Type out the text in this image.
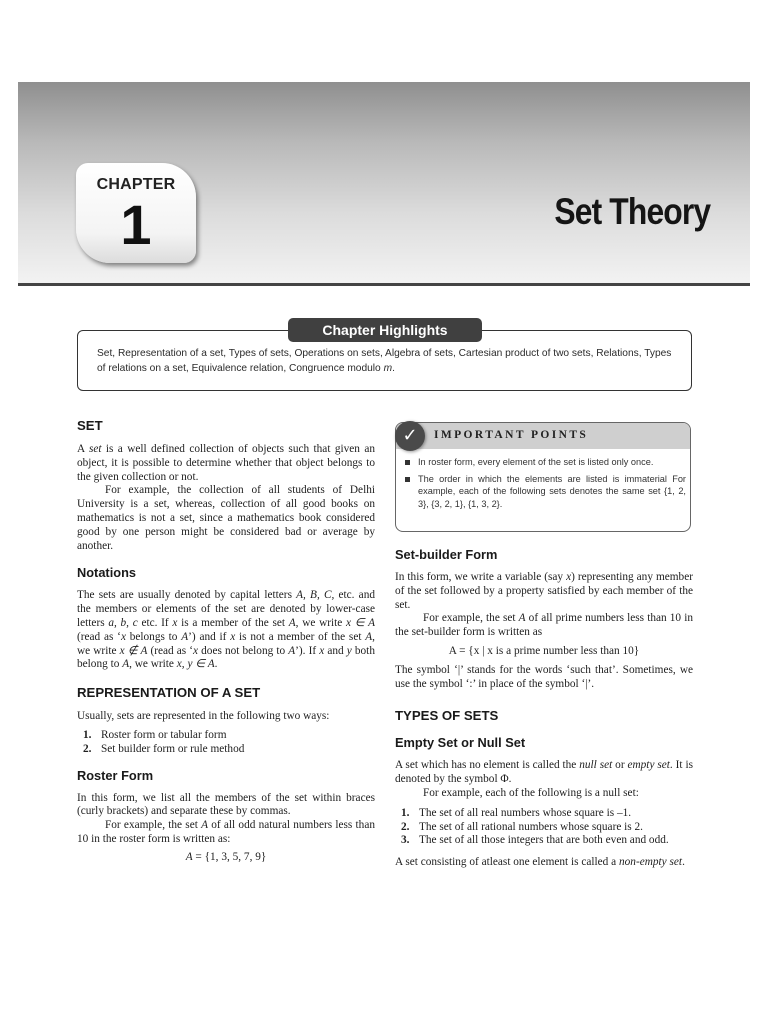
CHAPTER
1	Set Theory
Chapter Highlights
Set, Representation of a set, Types of sets, Operations on sets, Algebra of sets, Cartesian product of two sets, Relations, Types of relations on a set, Equivalence relation, Congruence modulo m.
SET

A set is a well defined collection of objects such that given an object, it is possible to determine whether that object belongs to the given collection or not.

For example, the collection of all students of Delhi University is a set, whereas, collection of all good books on mathematics is not a set, since a mathematics book considered good by one person might be considered bad or average by another.

Notations

The sets are usually denoted by capital letters A, B, C, etc. and the members or elements of the set are denoted by lower-case letters a, b, c etc. If x is a member of the set A, we write x ∈ A (read as ‘x belongs to A’) and if x is not a member of the set A, we write x ∉ A (read as ‘x does not belong to A’). If x and y both belong to A, we write x, y ∈ A.

REPRESENTATION OF A SET

Usually, sets are represented in the following two ways:

1. Roster form or tabular form
2. Set builder form or rule method
Roster Form

In this form, we list all the members of the set within braces (curly brackets) and separate these by commas.

For example, the set A of all odd natural numbers less than 10 in the roster form is written as:

A = {1, 3, 5, 7, 9}

IMPORTANT POINTS
✓
In roster form, every element of the set is listed only once.
The order in which the elements are listed is immaterial For example, each of the following sets denotes the same set {1, 2, 3}, {3, 2, 1}, {1, 3, 2}.
Set-builder Form

In this form, we write a variable (say x) representing any member of the set followed by a property satisfied by each member of the set.

For example, the set A of all prime numbers less than 10 in the set-builder form is written as

A = {x | x is a prime number less than 10}

The symbol ‘|’ stands for the words ‘such that’. Sometimes, we use the symbol ‘:’ in place of the symbol ‘|’.

TYPES OF SETS
Empty Set or Null Set

A set which has no element is called the null set or empty set. It is denoted by the symbol Φ.

For example, each of the following is a null set:

1. The set of all real numbers whose square is –1.
2. The set of all rational numbers whose square is 2.
3. The set of all those integers that are both even and odd.

A set consisting of atleast one element is called a non-empty set.
